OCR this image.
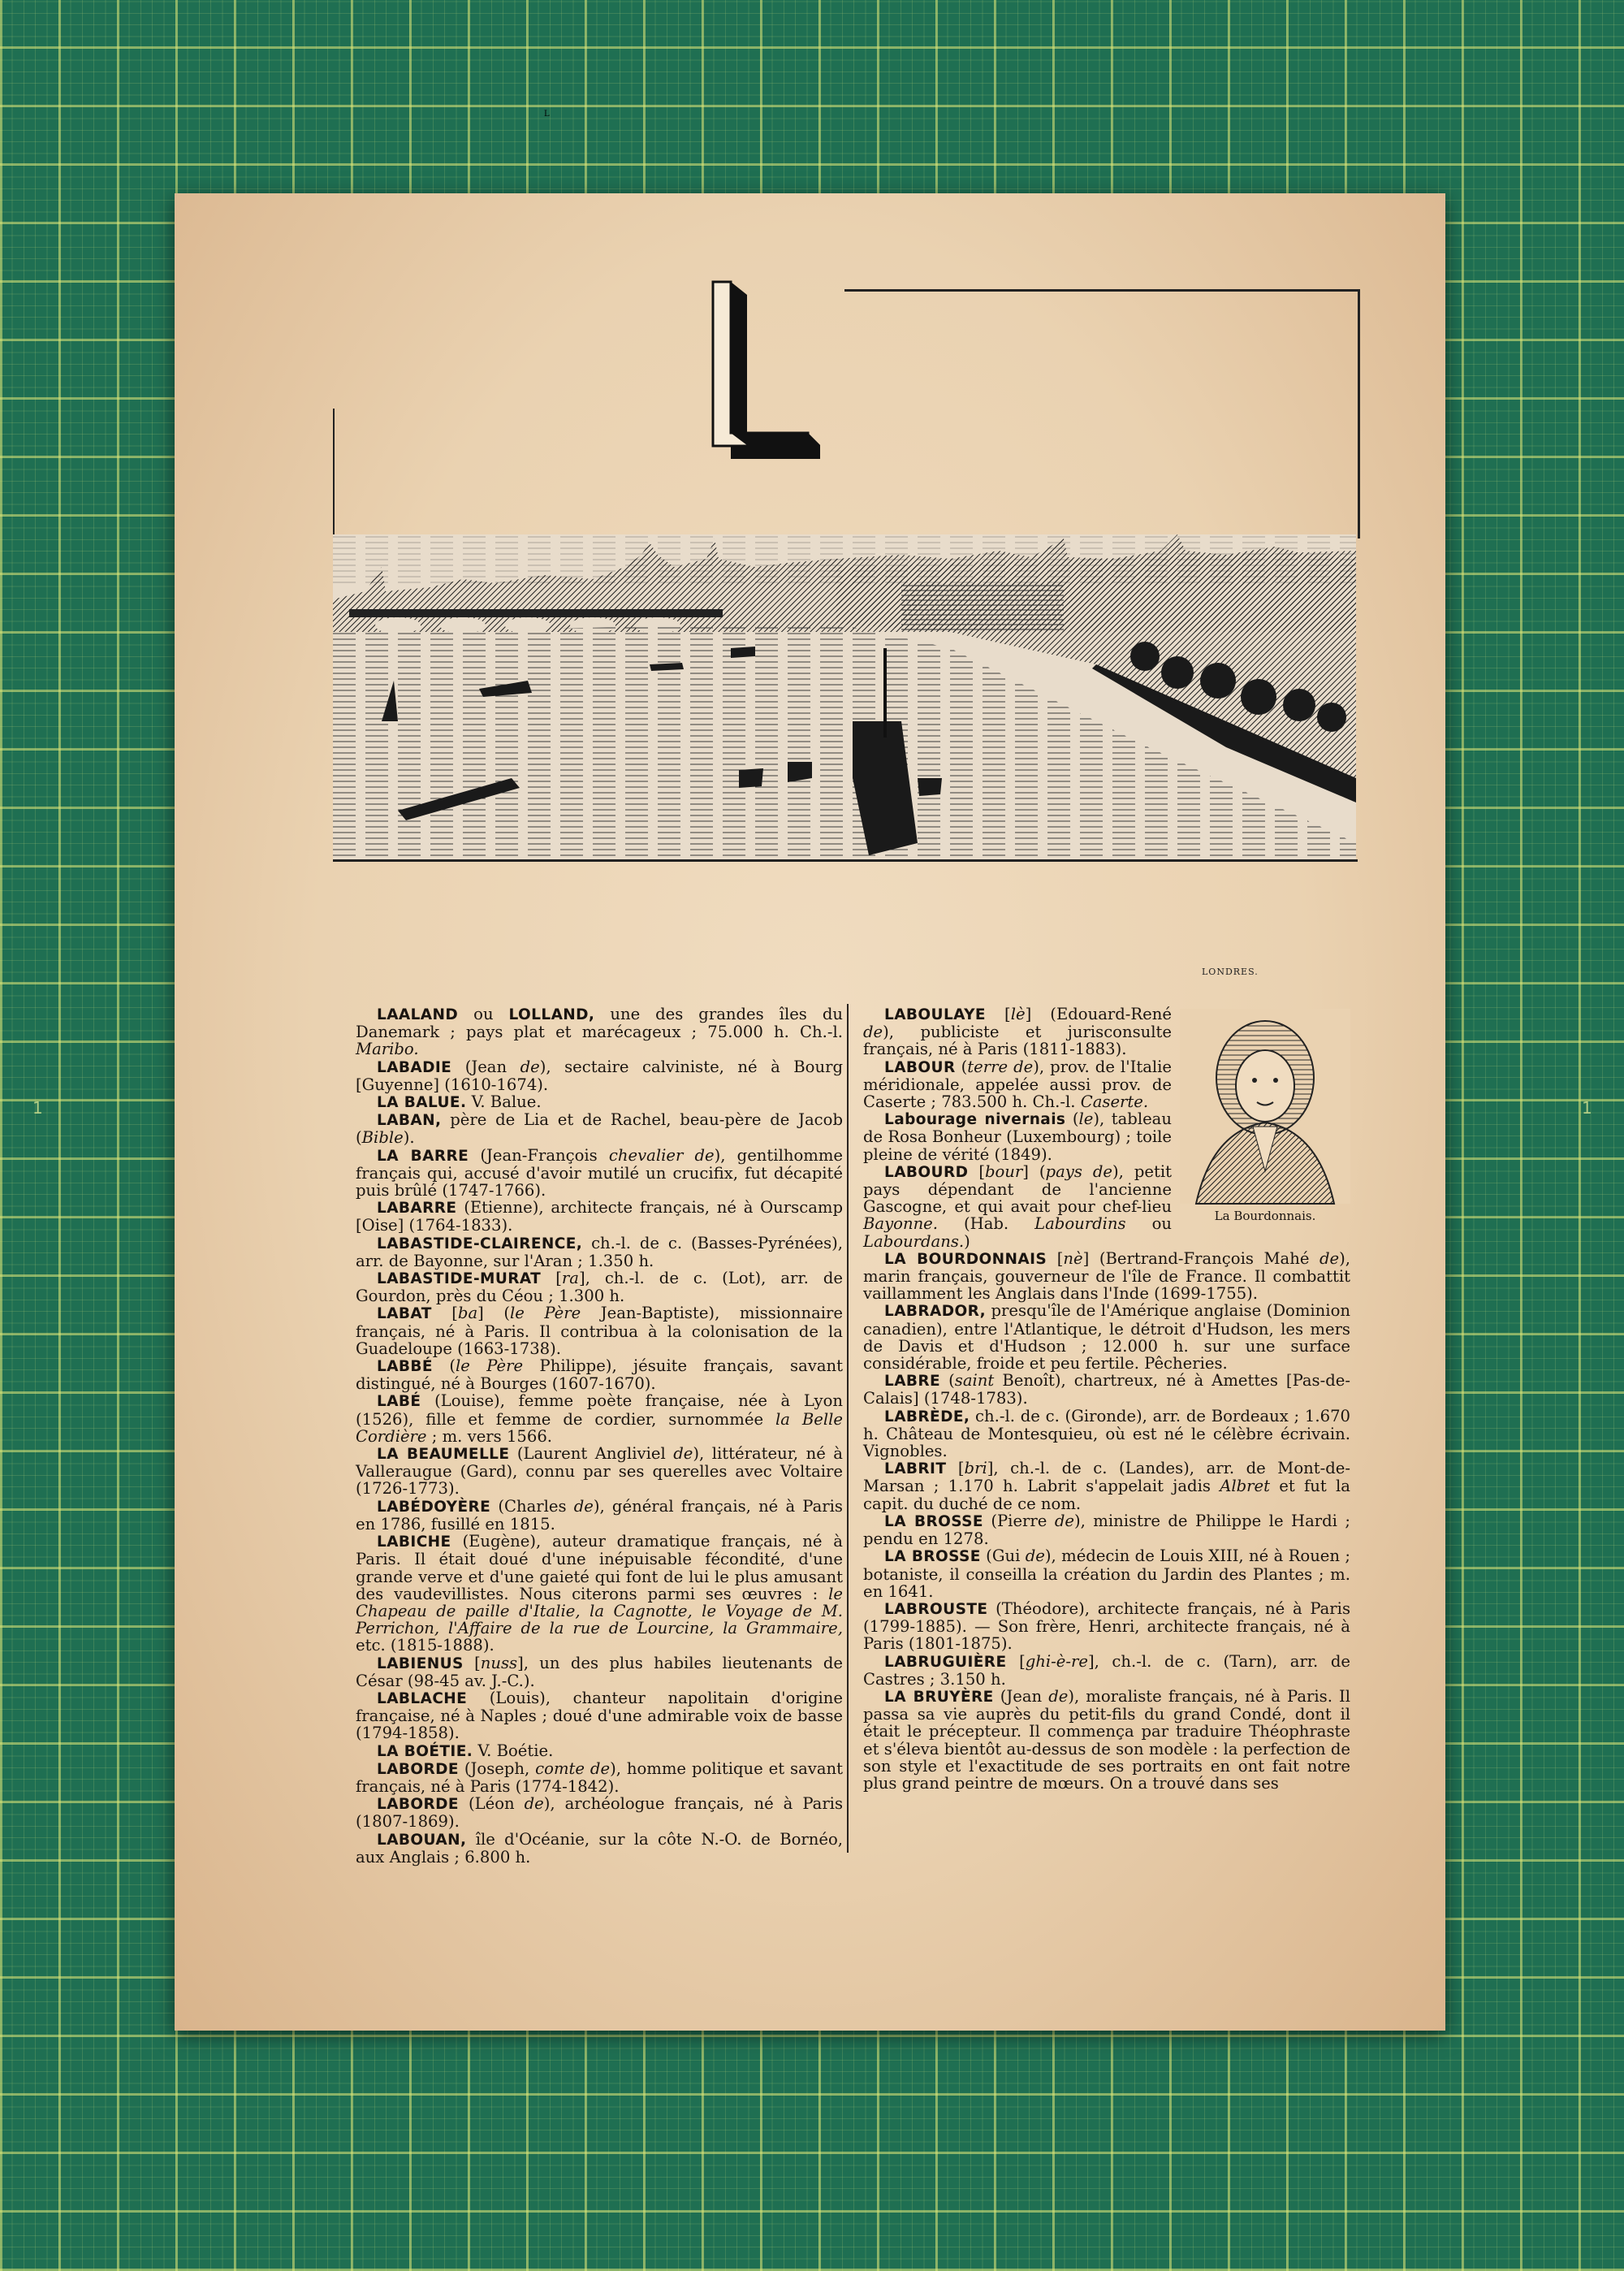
1	1
L
LONDRES.

LAALAND ou LOLLAND, une des grandes îles du Danemark ; pays plat et marécageux ; 75.000 h. Ch.-l. Maribo.

LABADIE (Jean de), sectaire calviniste, né à Bourg [Guyenne] (1610-1674).

LA BALUE. V. Balue.

LABAN, père de Lia et de Rachel, beau-père de Jacob (Bible).

LA BARRE (Jean-François chevalier de), gentilhomme français qui, accusé d'avoir mutilé un crucifix, fut décapité puis brûlé (1747-1766).

LABARRE (Etienne), architecte français, né à Ourscamp [Oise] (1764-1833).

LABASTIDE-CLAIRENCE, ch.-l. de c. (Basses-Pyrénées), arr. de Bayonne, sur l'Aran ; 1.350 h.

LABASTIDE-MURAT [ra], ch.-l. de c. (Lot), arr. de Gourdon, près du Céou ; 1.300 h.

LABAT [ba] (le Père Jean-Baptiste), missionnaire français, né à Paris. Il contribua à la colonisation de la Guadeloupe (1663-1738).

LABBÉ (le Père Philippe), jésuite français, savant distingué, né à Bourges (1607-1670).

LABÉ (Louise), femme poète française, née à Lyon (1526), fille et femme de cordier, surnommée la Belle Cordière ; m. vers 1566.

LA BEAUMELLE (Laurent Angliviel de), littérateur, né à Valleraugue (Gard), connu par ses querelles avec Voltaire (1726-1773).

LABÉDOYÈRE (Charles de), général français, né à Paris en 1786, fusillé en 1815.

LABICHE (Eugène), auteur dramatique français, né à Paris. Il était doué d'une inépuisable fécondité, d'une grande verve et d'une gaieté qui font de lui le plus amusant des vaudevillistes. Nous citerons parmi ses œuvres : le Chapeau de paille d'Italie, la Cagnotte, le Voyage de M. Perrichon, l'Affaire de la rue de Lourcine, la Grammaire, etc. (1815-1888).

LABIENUS [nuss], un des plus habiles lieutenants de César (98-45 av. J.-C.).

LABLACHE (Louis), chanteur napolitain d'origine française, né à Naples ; doué d'une admirable voix de basse (1794-1858).

LA BOÉTIE. V. Boétie.

LABORDE (Joseph, comte de), homme politique et savant français, né à Paris (1774-1842).

LABORDE (Léon de), archéologue français, né à Paris (1807-1869).

LABOUAN, île d'Océanie, sur la côte N.-O. de Bornéo, aux Anglais ; 6.800 h.

La Bourdonnais.

LABOULAYE [lè] (Edouard-René de), publiciste et jurisconsulte français, né à Paris (1811-1883).

LABOUR (terre de), prov. de l'Italie méridionale, appelée aussi prov. de Caserte ; 783.500 h. Ch.-l. Caserte.

Labourage nivernais (le), tableau de Rosa Bonheur (Luxembourg) ; toile pleine de vérité (1849).

LABOURD [bour] (pays de), petit pays dépendant de l'ancienne Gascogne, et qui avait pour chef-lieu Bayonne. (Hab. Labourdins ou Labourdans.)

LA BOURDONNAIS [nè] (Bertrand-François Mahé de), marin français, gouverneur de l'île de France. Il combattit vaillamment les Anglais dans l'Inde (1699-1755).

LABRADOR, presqu'île de l'Amérique anglaise (Dominion canadien), entre l'Atlantique, le détroit d'Hudson, les mers de Davis et d'Hudson ; 12.000 h. sur une surface considérable, froide et peu fertile. Pêcheries.

LABRE (saint Benoît), chartreux, né à Amettes [Pas-de-Calais] (1748-1783).

LABRÈDE, ch.-l. de c. (Gironde), arr. de Bordeaux ; 1.670 h. Château de Montesquieu, où est né le célèbre écrivain. Vignobles.

LABRIT [bri], ch.-l. de c. (Landes), arr. de Mont-de-Marsan ; 1.170 h. Labrit s'appelait jadis Albret et fut la capit. du duché de ce nom.

LA BROSSE (Pierre de), ministre de Philippe le Hardi ; pendu en 1278.

LA BROSSE (Gui de), médecin de Louis XIII, né à Rouen ; botaniste, il conseilla la création du Jardin des Plantes ; m. en 1641.

LABROUSTE (Théodore), architecte français, né à Paris (1799-1885). — Son frère, Henri, architecte français, né à Paris (1801-1875).

LABRUGUIÈRE [ghi-è-re], ch.-l. de c. (Tarn), arr. de Castres ; 3.150 h.

LA BRUYÈRE (Jean de), moraliste français, né à Paris. Il passa sa vie auprès du petit-fils du grand Condé, dont il était le précepteur. Il commença par traduire Théophraste et s'éleva bientôt au-dessus de son modèle : la perfection de son style et l'exactitude de ses portraits en ont fait notre plus grand peintre de mœurs. On a trouvé dans ses
